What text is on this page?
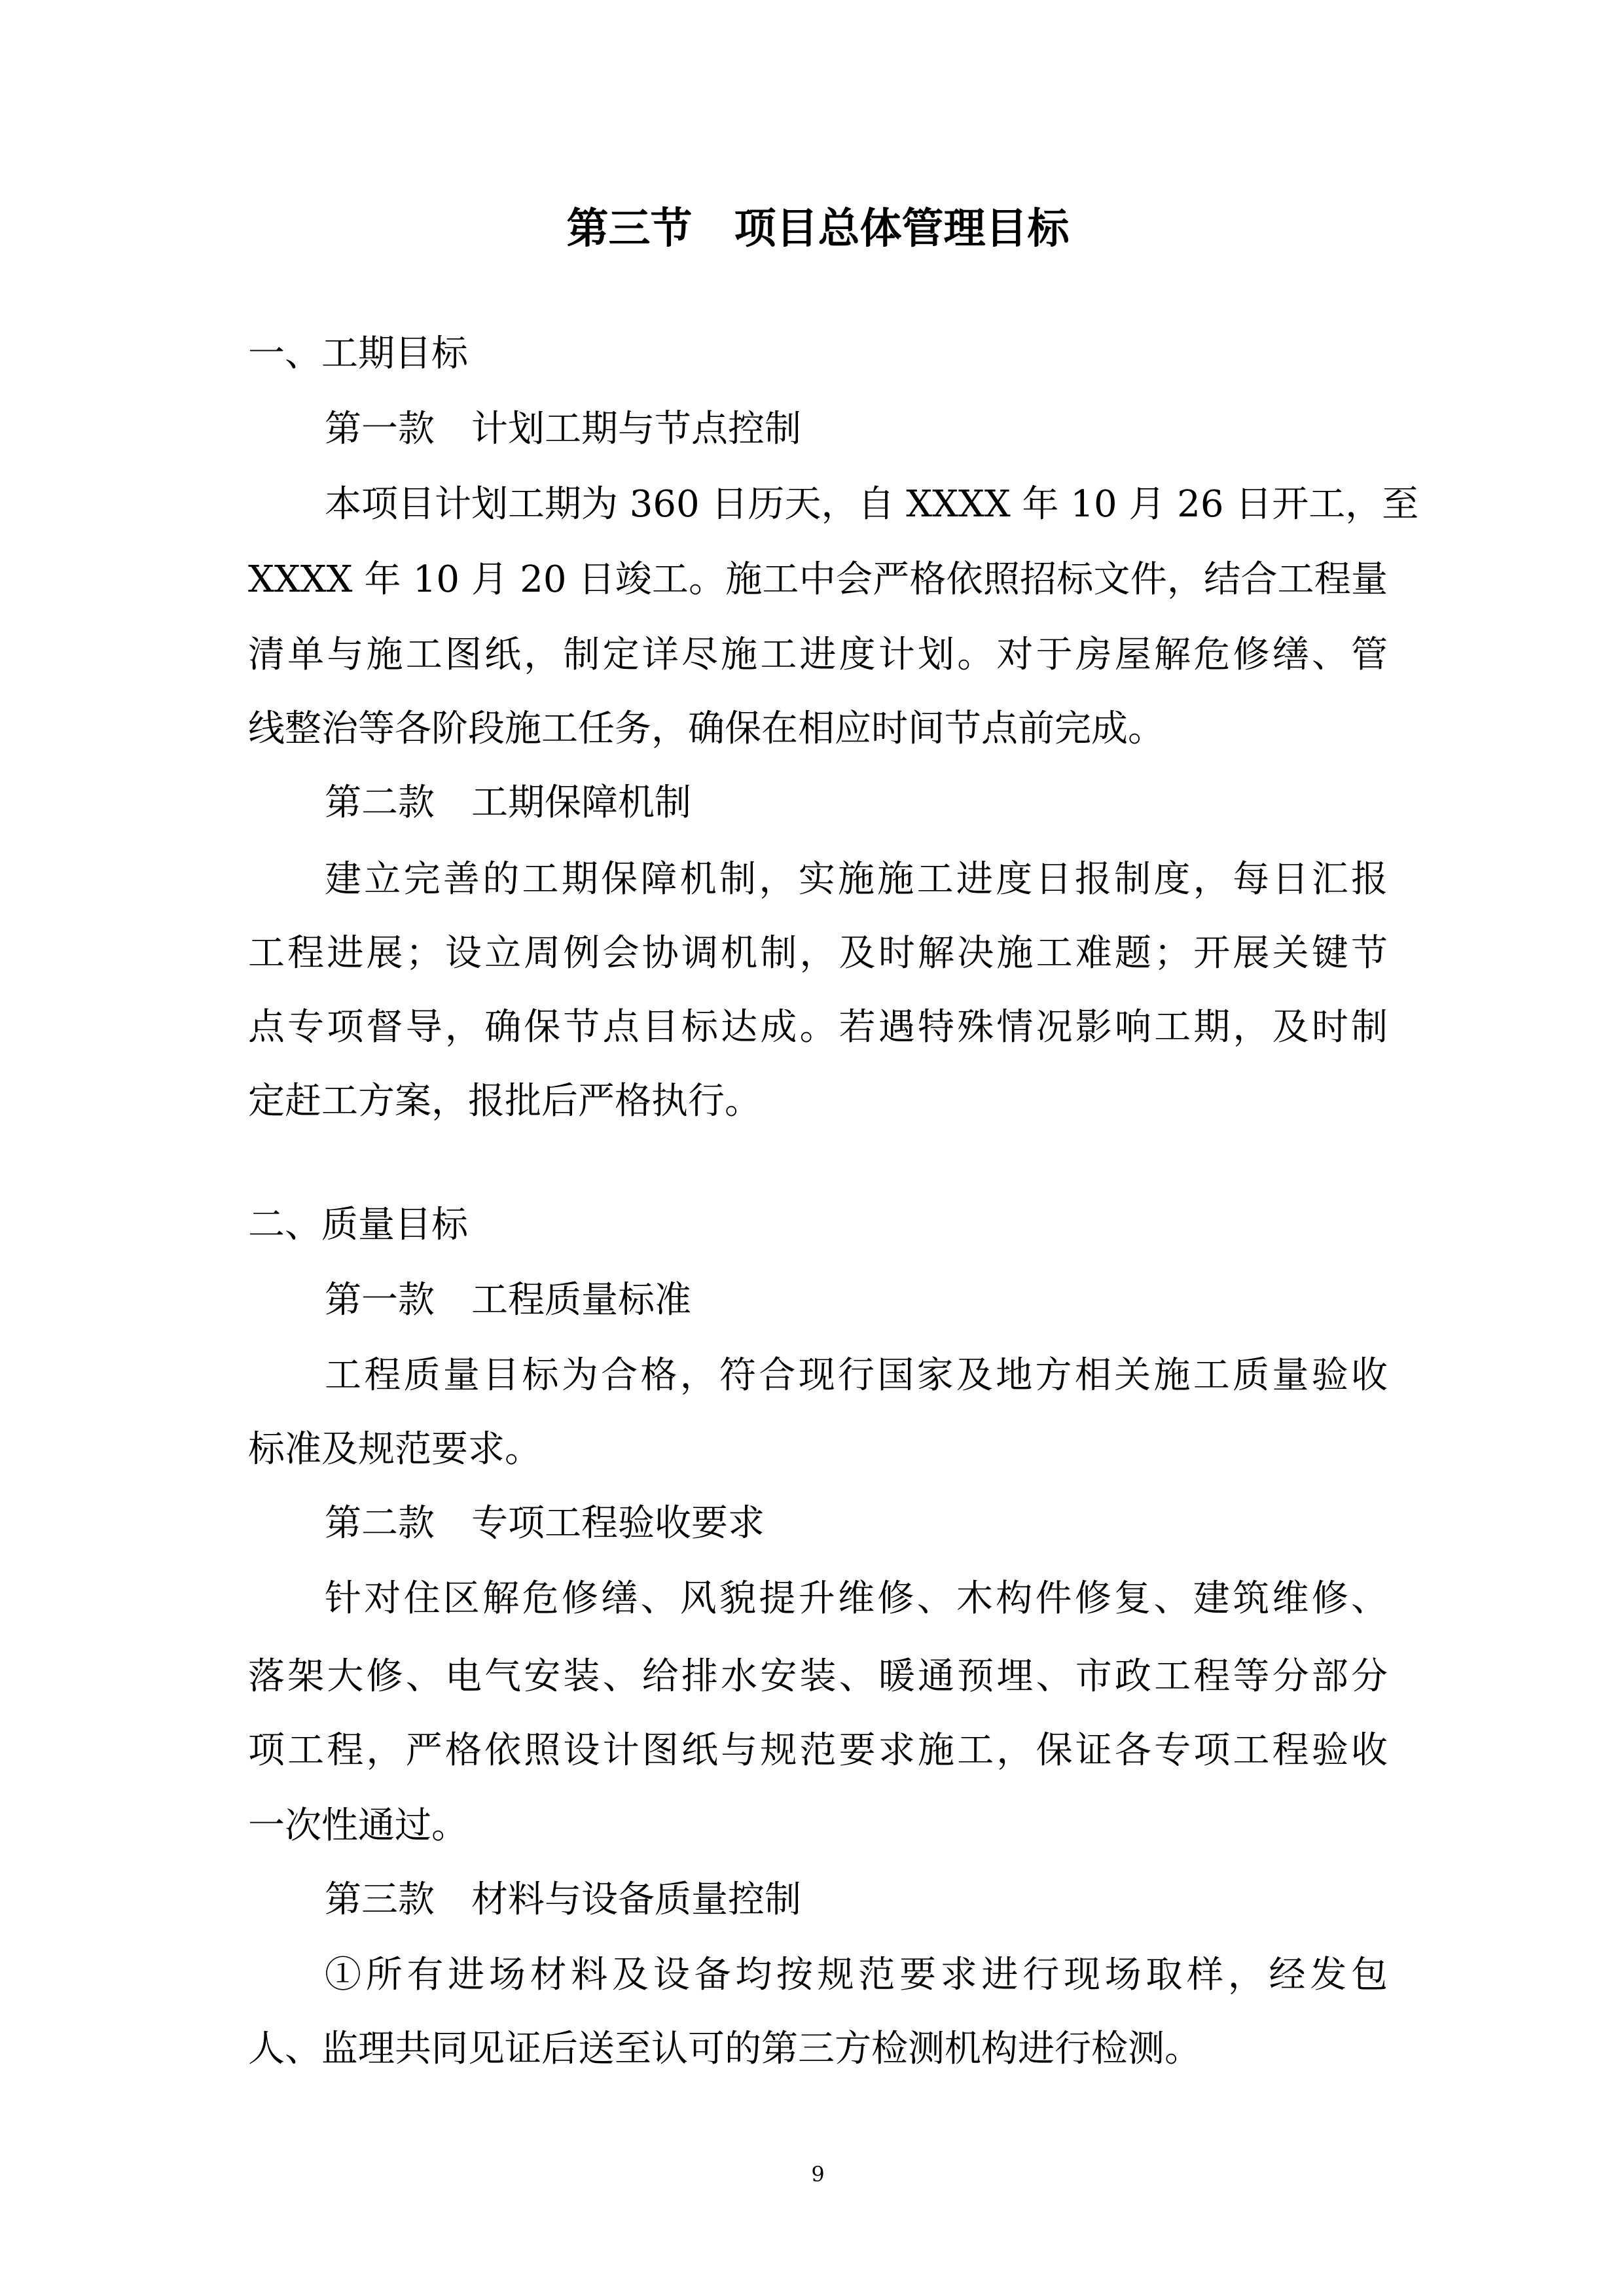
第三节　项目总体管理目标
一、工期目标
第一款　计划工期与节点控制
本项目计划工期为 360 日历天，自 XXXX 年 10 月 26 日开工，至
XXXX 年 10 月 20 日竣工。施工中会严格依照招标文件，结合工程量
清单与施工图纸，制定详尽施工进度计划。对于房屋解危修缮、管
线整治等各阶段施工任务，确保在相应时间节点前完成。
第二款　工期保障机制
建立完善的工期保障机制，实施施工进度日报制度，每日汇报
工程进展；设立周例会协调机制，及时解决施工难题；开展关键节
点专项督导，确保节点目标达成。若遇特殊情况影响工期，及时制
定赶工方案，报批后严格执行。
二、质量目标
第一款　工程质量标准
工程质量目标为合格，符合现行国家及地方相关施工质量验收
标准及规范要求。
第二款　专项工程验收要求
针对住区解危修缮、风貌提升维修、木构件修复、建筑维修、
落架大修、电气安装、给排水安装、暖通预埋、市政工程等分部分
项工程，严格依照设计图纸与规范要求施工，保证各专项工程验收
一次性通过。
第三款　材料与设备质量控制
①所有进场材料及设备均按规范要求进行现场取样，经发包
人、监理共同见证后送至认可的第三方检测机构进行检测。
9
